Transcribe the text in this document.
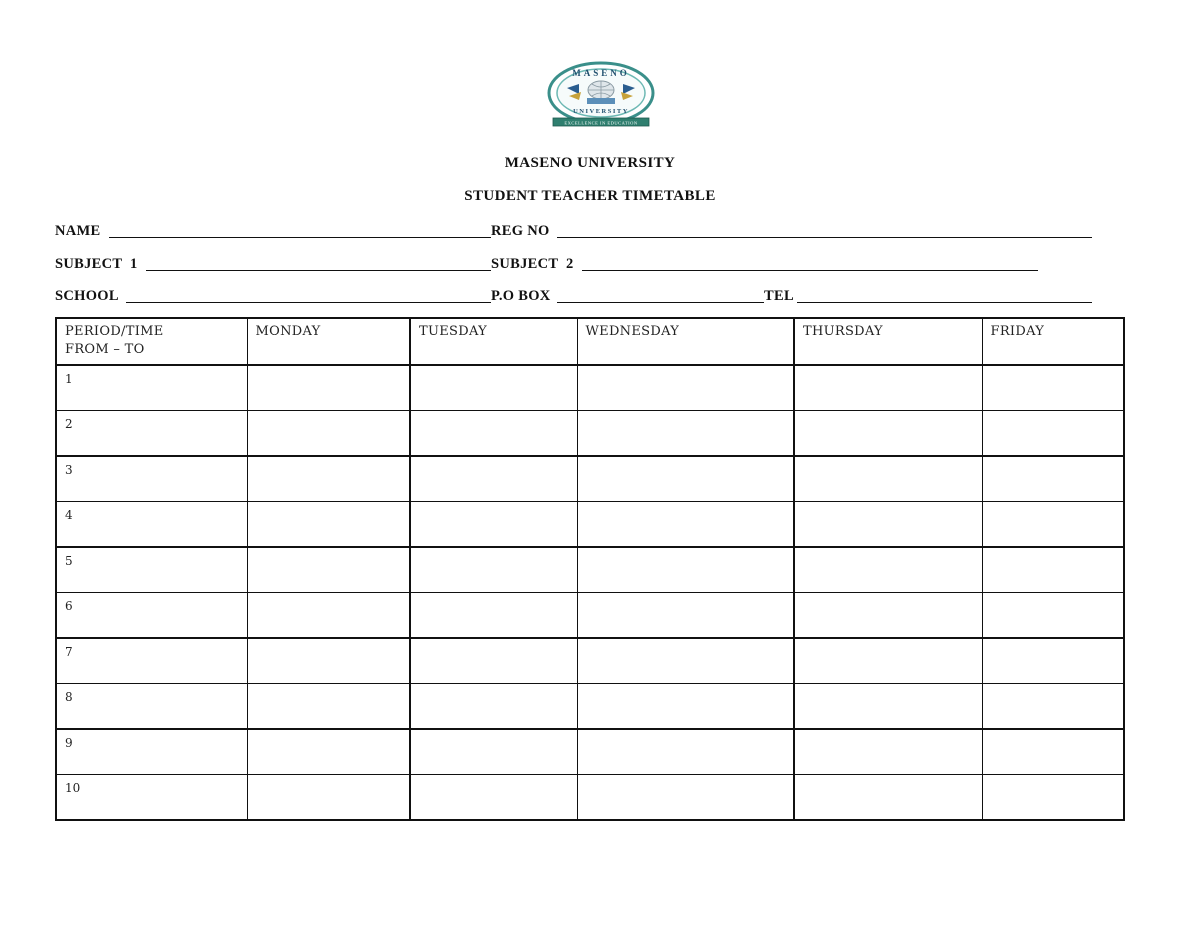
MASENO
UNIVERSITY
EXCELLENCE IN EDUCATION
MASENO UNIVERSITY
STUDENT TEACHER TIMETABLE
NAME	REG NO
SUBJECT  1	SUBJECT  2
SCHOOL	P.O BOX	TEL
PERIOD/TIME
FROM – TO	MONDAY	TUESDAY	WEDNESDAY	THURSDAY	FRIDAY
1					
2					
3					
4					
5					
6					
7					
8					
9					
10					
